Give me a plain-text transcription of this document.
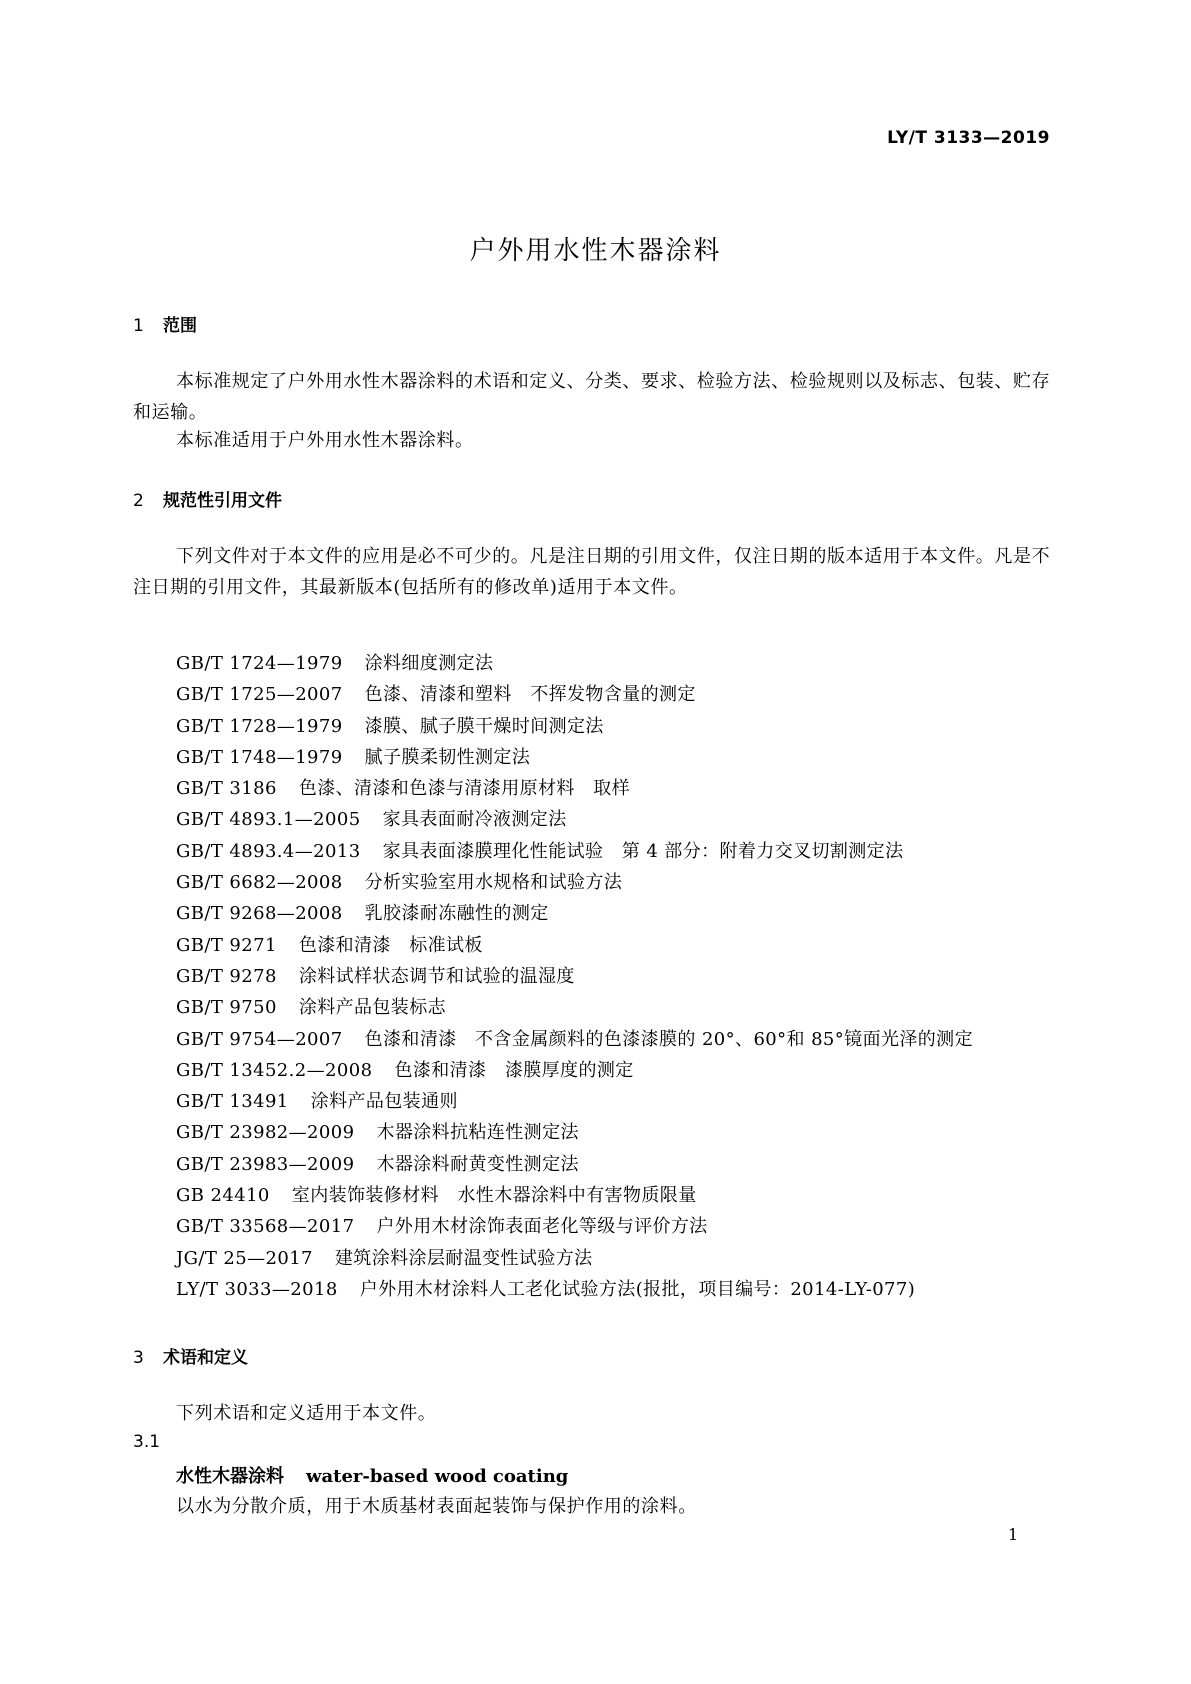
LY/T 3133—2019
户外用水性木器涂料
1 范围
本标准规定了户外用水性木器涂料的术语和定义、分类、要求、检验方法、检验规则以及标志、包装、贮存和运输。
本标准适用于户外用水性木器涂料。
2 规范性引用文件
下列文件对于本文件的应用是必不可少的。凡是注日期的引用文件，仅注日期的版本适用于本文件。凡是不注日期的引用文件，其最新版本(包括所有的修改单)适用于本文件。
GB/T 1724—1979 涂料细度测定法
GB/T 1725—2007 色漆、清漆和塑料　不挥发物含量的测定
GB/T 1728—1979 漆膜、腻子膜干燥时间测定法
GB/T 1748—1979 腻子膜柔韧性测定法
GB/T 3186 色漆、清漆和色漆与清漆用原材料　取样
GB/T 4893.1—2005 家具表面耐冷液测定法
GB/T 4893.4—2013 家具表面漆膜理化性能试验　第 4 部分：附着力交叉切割测定法
GB/T 6682—2008 分析实验室用水规格和试验方法
GB/T 9268—2008 乳胶漆耐冻融性的测定
GB/T 9271 色漆和清漆　标准试板
GB/T 9278 涂料试样状态调节和试验的温湿度
GB/T 9750 涂料产品包装标志
GB/T 9754—2007 色漆和清漆　不含金属颜料的色漆漆膜的 20°、60°和 85°镜面光泽的测定
GB/T 13452.2—2008 色漆和清漆　漆膜厚度的测定
GB/T 13491 涂料产品包装通则
GB/T 23982—2009 木器涂料抗粘连性测定法
GB/T 23983—2009 木器涂料耐黄变性测定法
GB 24410 室内装饰装修材料　水性木器涂料中有害物质限量
GB/T 33568—2017 户外用木材涂饰表面老化等级与评价方法
JG/T 25—2017 建筑涂料涂层耐温变性试验方法
LY/T 3033—2018 户外用木材涂料人工老化试验方法(报批，项目编号：2014-LY-077)
3 术语和定义
下列术语和定义适用于本文件。
3.1
水性木器涂料 water-based wood coating
以水为分散介质，用于木质基材表面起装饰与保护作用的涂料。
1
